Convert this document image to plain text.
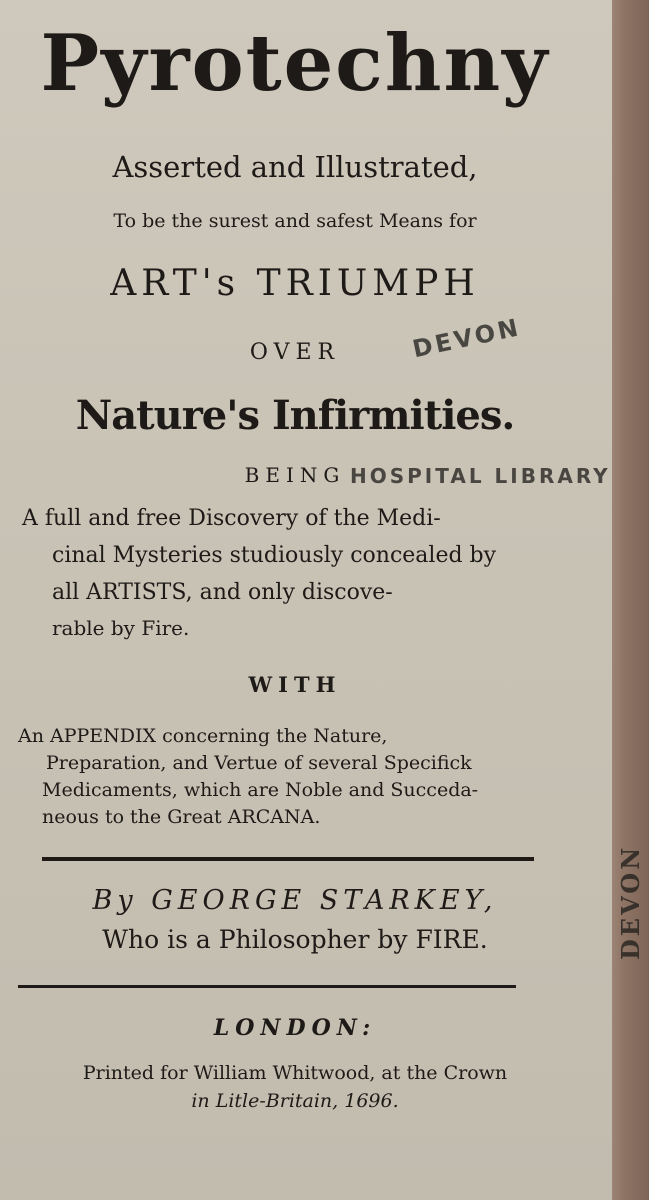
Pyrotechny
Asserted and Illustrated,
To be the surest and safest Means for
ART's TRIUMPH
OVER
Nature's Infirmities.
BEING
A full and free Discovery of the Medi-
cinal Mysteries studiously concealed by
all ARTISTS, and only discove-
rable by Fire.
WITH
An APPENDIX concerning the Nature,
Preparation, and Vertue of several Specifick
Medicaments, which are Noble and Succeda-
neous to the Great ARCANA.
By GEORGE STARKEY,
Who is a Philosopher by FIRE.
LONDON:
Printed for William Whitwood, at the Crown
in Litle-Britain, 1696.
DEVON
HOSPITAL LIBRARY
DEVON
